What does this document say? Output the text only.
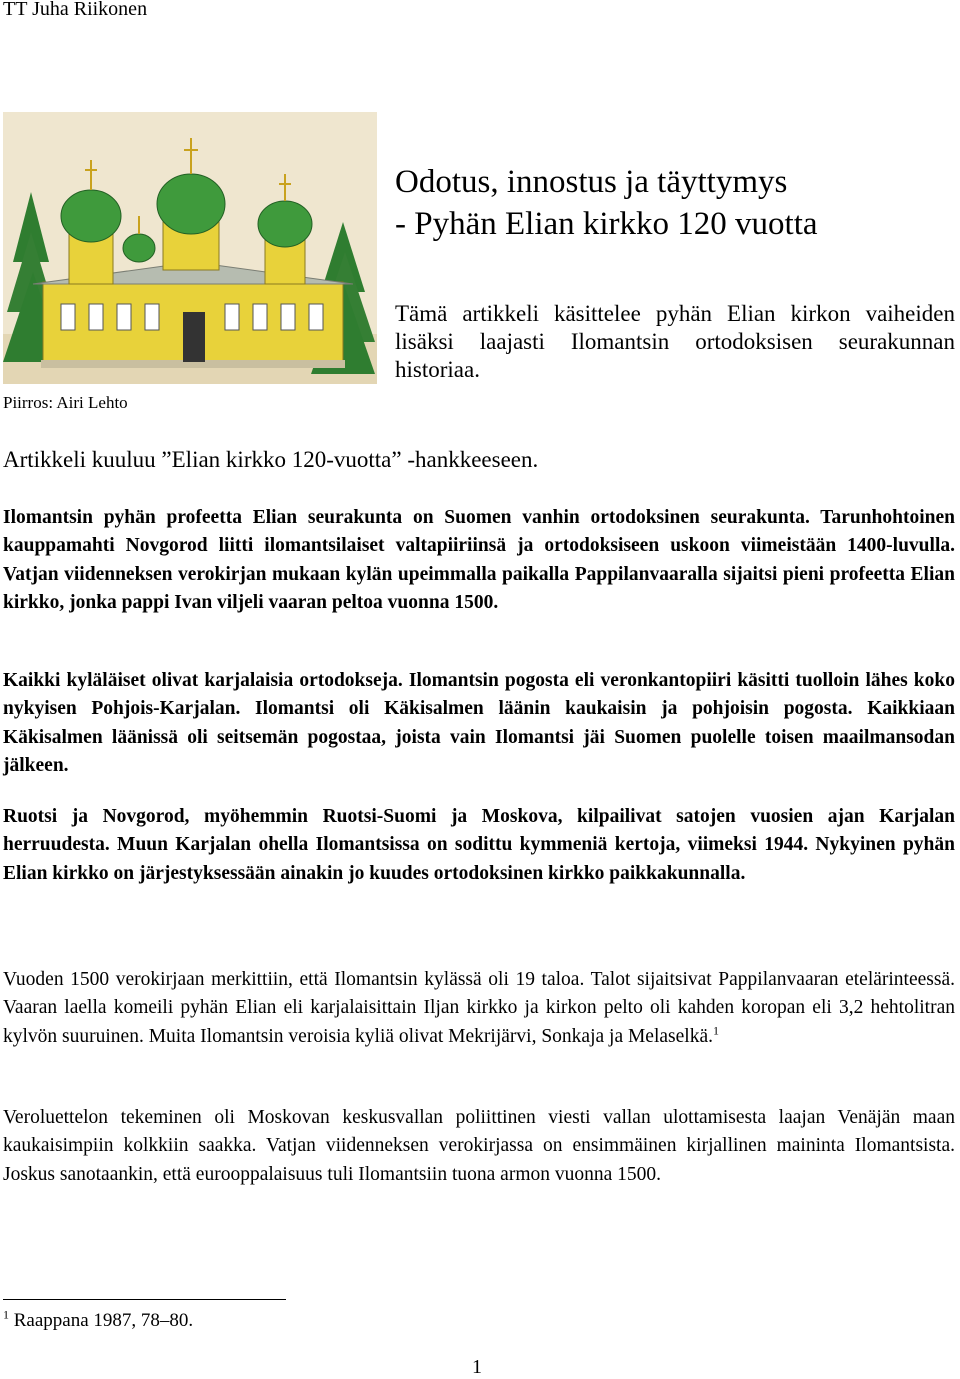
TT Juha Riikonen
Piirros: Airi Lehto
Odotus, innostus ja täyttymys
- Pyhän Elian kirkko 120 vuotta

Tämä artikkeli käsittelee pyhän Elian kirkon vaiheiden lisäksi laajasti Ilomantsin ortodoksisen seurakunnan historiaa.

Artikkeli kuuluu ”Elian kirkko 120-vuotta” -hankkeeseen.

Ilomantsin pyhän profeetta Elian seurakunta on Suomen vanhin ortodoksinen seurakunta. Tarunhohtoinen kauppamahti Novgorod liitti ilomantsilaiset valtapiiriinsä ja ortodoksiseen uskoon viimeistään 1400-luvulla. Vatjan viidenneksen verokirjan mukaan kylän upeimmalla paikalla Pappilanvaaralla sijaitsi pieni profeetta Elian kirkko, jonka pappi Ivan viljeli vaaran peltoa vuonna 1500.

Kaikki kyläläiset olivat karjalaisia ortodokseja. Ilomantsin pogosta eli veronkantopiiri käsitti tuolloin lähes koko nykyisen Pohjois-Karjalan. Ilomantsi oli Käkisalmen läänin kaukaisin ja pohjoisin pogosta. Kaikkiaan Käkisalmen läänissä oli seitsemän pogostaa, joista vain Ilomantsi jäi Suomen puolelle toisen maailmansodan jälkeen.

Ruotsi ja Novgorod, myöhemmin Ruotsi-Suomi ja Moskova, kilpailivat satojen vuosien ajan Karjalan herruudesta. Muun Karjalan ohella Ilomantsissa on sodittu kymmeniä kertoja, viimeksi 1944. Nykyinen pyhän Elian kirkko on järjestyksessään ainakin jo kuudes ortodoksinen kirkko paikkakunnalla.

Vuoden 1500 verokirjaan merkittiin, että Ilomantsin kylässä oli 19 taloa. Talot sijaitsivat Pappilanvaaran etelärinteessä. Vaaran laella komeili pyhän Elian eli karjalaisittain Iljan kirkko ja kirkon pelto oli kahden koropan eli 3,2 hehtolitran kylvön suuruinen. Muita Ilomantsin veroisia kyliä olivat Mekrijärvi, Sonkaja ja Melaselkä.$^1$

Veroluettelon tekeminen oli Moskovan keskusvallan poliittinen viesti vallan ulottamisesta laajan Venäjän maan kaukaisimpiin kolkkiin saakka. Vatjan viidenneksen verokirjassa on ensimmäinen kirjallinen maininta Ilomantsista. Joskus sanotaankin, että eurooppalaisuus tuli Ilomantsiin tuona armon vuonna 1500.

$^1$ Raappana 1987, 78–80.

1
